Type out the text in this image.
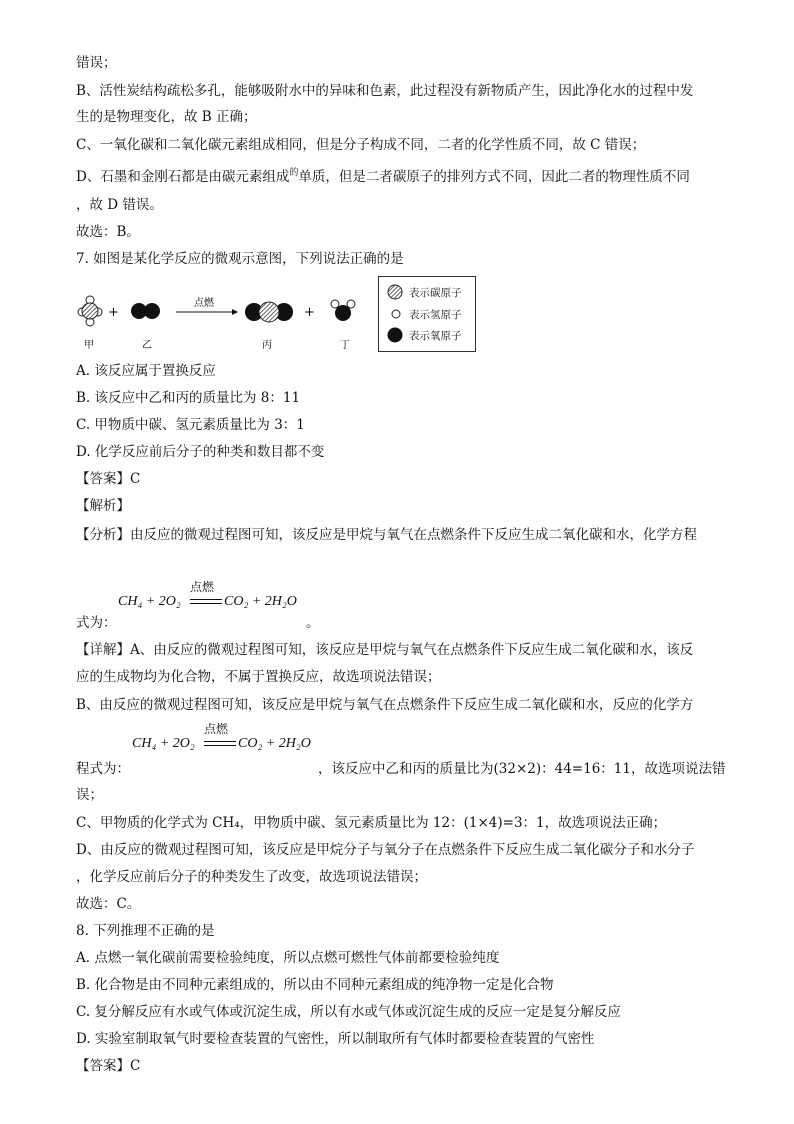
错误；
B、活性炭结构疏松多孔，能够吸附水中的异味和色素，此过程没有新物质产生，因此净化水的过程中发
生的是物理变化，故 B 正确；
C、一氧化碳和二氧化碳元素组成相同，但是分子构成不同，二者的化学性质不同，故 C 错误；
D、石墨和金刚石都是由碳元素组成$^的$单质，但是二者碳原子的排列方式不同，因此二者的物理性质不同
，故 D 错误。
故选：B。
7. 如图是某化学反应的微观示意图，下列说法正确的是
+
点燃
+
甲	乙	丙	丁
表示碳原子
表示氢原子
表示氧原子
A. 该反应属于置换反应
B. 该反应中乙和丙的质量比为 8：11
C. 甲物质中碳、氢元素质量比为 3：1
D. 化学反应前后分子的种类和数目都不变
【答案】C
【解析】
【分析】由反应的微观过程图可知，该反应是甲烷与氧气在点燃条件下反应生成二氧化碳和水，化学方程
CH₄ + 2O₂
点燃
CO₂ + 2H₂O
式为：	。
【详解】A、由反应的微观过程图可知，该反应是甲烷与氧气在点燃条件下反应生成二氧化碳和水，该反
应的生成物均为化合物，不属于置换反应，故选项说法错误；
B、由反应的微观过程图可知，该反应是甲烷与氧气在点燃条件下反应生成二氧化碳和水，反应的化学方
CH₄ + 2O₂
点燃
CO₂ + 2H₂O
程式为：	，该反应中乙和丙的质量比为(32×2)：44=16：11，故选项说法错
误；
C、甲物质的化学式为 CH₄，甲物质中碳、氢元素质量比为 12：(1×4)=3：1，故选项说法正确；
D、由反应的微观过程图可知，该反应是甲烷分子与氧分子在点燃条件下反应生成二氧化碳分子和水分子
，化学反应前后分子的种类发生了改变，故选项说法错误；
故选：C。
8. 下列推理不正确的是
A. 点燃一氧化碳前需要检验纯度，所以点燃可燃性气体前都要检验纯度
B. 化合物是由不同种元素组成的，所以由不同种元素组成的纯净物一定是化合物
C. 复分解反应有水或气体或沉淀生成，所以有水或气体或沉淀生成的反应一定是复分解反应
D. 实验室制取氧气时要检查装置的气密性，所以制取所有气体时都要检查装置的气密性
【答案】C
